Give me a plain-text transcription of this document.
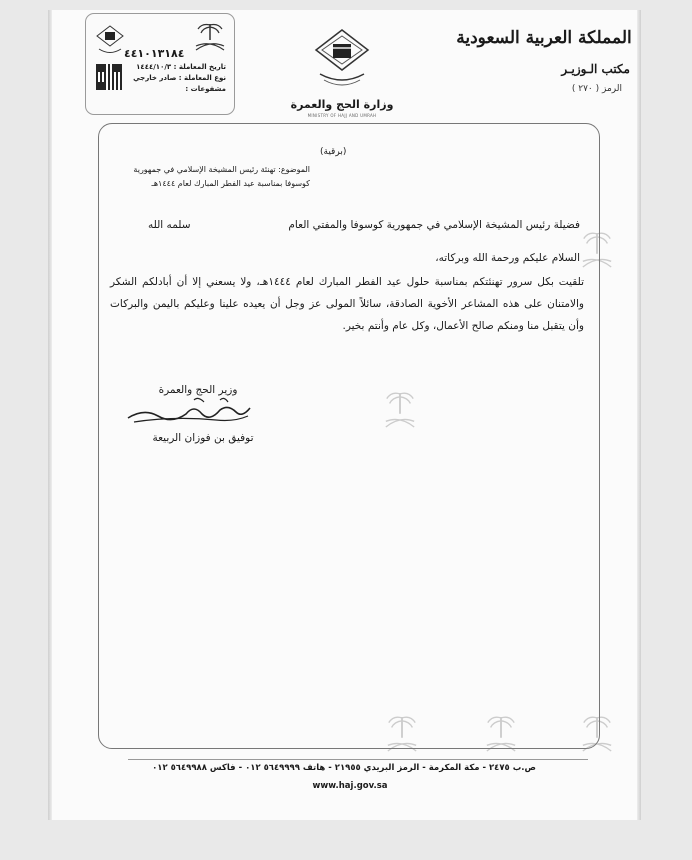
المملكة العربية السعودية
مكتب الـوزيـر
الرمز ( ٢٧٠ )
وزارة الحج والعمرة
MINISTRY OF HAJJ AND UMRAH
٤٤١٠١٣١٨٤
تاريخ المعاملة : ١٤٤٤/١٠/٣
نوع المعاملة : صادر خارجي
مشفوعات :
(برقية)
الموضوع: تهنئة رئيس المشيخة الإسلامي في جمهورية
كوسوفا بمناسبة عيد الفطر المبارك لعام ١٤٤٤هـ
فضيلة رئيس المشيخة الإسلامي في جمهورية كوسوفا والمفتي العام
سلمه الله
السلام عليكم ورحمة الله وبركاته،
تلقيت بكل سرور تهنئتكم بمناسبة حلول عيد الفطر المبارك لعام ١٤٤٤هـ، ولا يسعني إلا أن أبادلكم الشكر والامتنان على هذه المشاعر الأخوية الصادقة، سائلاً المولى عز وجل أن يعيده علينا وعليكم باليمن والبركات وأن يتقبل منا ومنكم صالح الأعمال، وكل عام وأنتم بخير.
وزير الحج والعمرة
توفيق بن فوزان الربيعة
ص.ب ٢٤٧٥ - مكة المكرمة - الرمز البريدي ٢١٩٥٥ - هاتف ٥٦٤٩٩٩٩ ٠١٢ - فاكس ٥٦٤٩٩٨٨ ٠١٢
www.haj.gov.sa
